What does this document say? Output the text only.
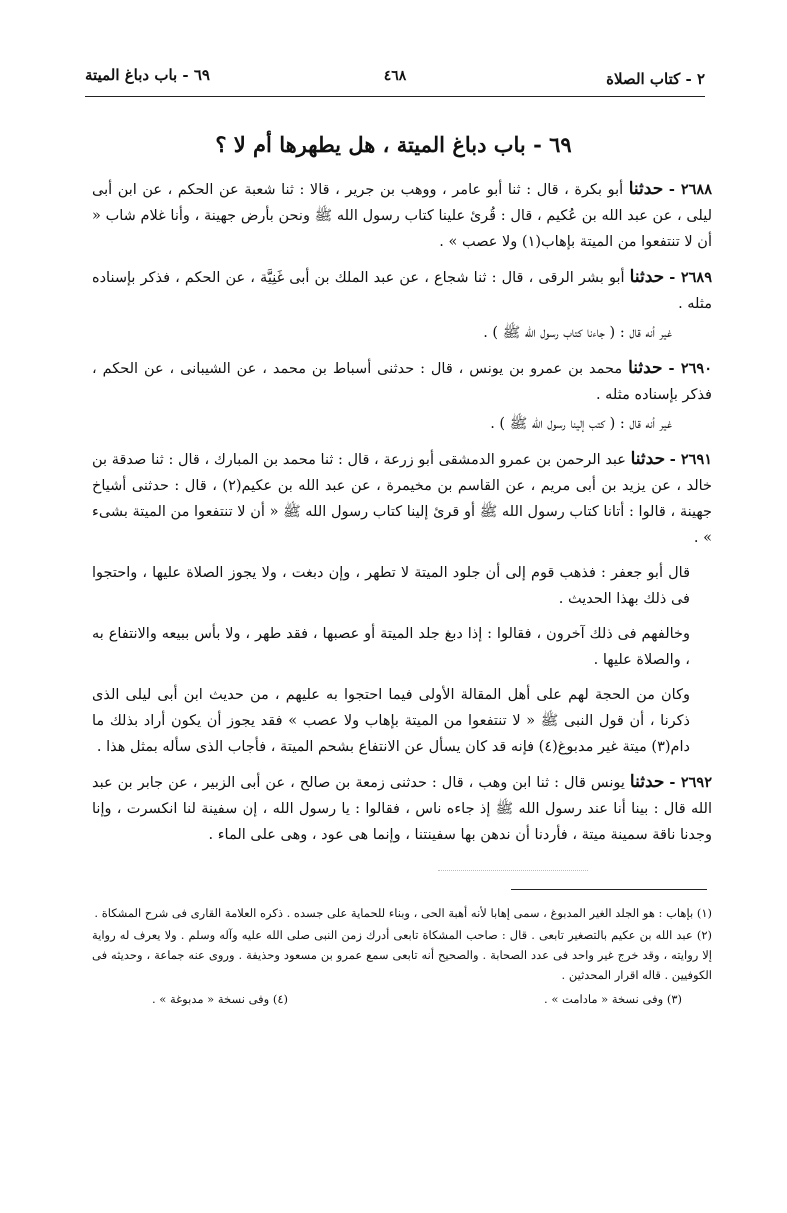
٢ - كتاب الصلاة
٤٦٨
٦٩ - باب دباغ الميتة
٦٩ - باب دباغ الميتة ، هل يطهرها أم لا ؟

٢٦٨٨ - حدثنا أبو بكرة ، قال : ثنا أبو عامر ، ووهب بن جرير ، قالا : ثنا شعبة عن الحكم ، عن ابن أبى ليلى ، عن عبد الله بن عُكيم ، قال : قُرئ علينا كتاب رسول الله ﷺ ونحن بأرض جهينة ، وأنا غلام شاب « أن لا تنتفعوا من الميتة بإهاب(١) ولا عصب » .

٢٦٨٩ - حدثنا أبو بشر الرقى ، قال : ثنا شجاع ، عن عبد الملك بن أبى غَنِيَّة ، عن الحكم ، فذكر بإسناده مثله .

غير أنه قال : ( جاءنا كتاب رسول الله ﷺ ) .

٢٦٩٠ - حدثنا محمد بن عمرو بن يونس ، قال : حدثنى أسباط بن محمد ، عن الشيبانى ، عن الحكم ، فذكر بإسناده مثله .

غير أنه قال : ( كتب إلينا رسول الله ﷺ ) .

٢٦٩١ - حدثنا عبد الرحمن بن عمرو الدمشقى أبو زرعة ، قال : ثنا محمد بن المبارك ، قال : ثنا صدقة بن خالد ، عن يزيد بن أبى مريم ، عن القاسم بن مخيمرة ، عن عبد الله بن عكيم(٢) ، قال : حدثنى أشياخ جهينة ، قالوا : أتانا كتاب رسول الله ﷺ أو قرئ إلينا كتاب رسول الله ﷺ « أن لا تنتفعوا من الميتة بشىء » .

قال أبو جعفر : فذهب قوم إلى أن جلود الميتة لا تطهر ، وإن دبغت ، ولا يجوز الصلاة عليها ، واحتجوا فى ذلك بهذا الحديث .

وخالفهم فى ذلك آخرون ، فقالوا : إذا دبغ جلد الميتة أو عصبها ، فقد طهر ، ولا بأس ببيعه والانتفاع به ، والصلاة عليها .

وكان من الحجة لهم على أهل المقالة الأولى فيما احتجوا به عليهم ، من حديث ابن أبى ليلى الذى ذكرنا ، أن قول النبى ﷺ « لا تنتفعوا من الميتة بإهاب ولا عصب » فقد يجوز أن يكون أراد بذلك ما دام(٣) ميتة غير مدبوغ(٤) فإنه قد كان يسأل عن الانتفاع بشحم الميتة ، فأجاب الذى سأله بمثل هذا .

٢٦٩٢ - حدثنا يونس قال : ثنا ابن وهب ، قال : حدثنى زمعة بن صالح ، عن أبى الزبير ، عن جابر بن عبد الله قال : بينا أنا عند رسول الله ﷺ إذ جاءه ناس ، فقالوا : يا رسول الله ، إن سفينة لنا انكسرت ، وإنا وجدنا ناقة سمينة ميتة ، فأردنا أن ندهن بها سفينتنا ، وإنما هى عود ، وهى على الماء .

(١) بإهاب : هو الجلد الغير المدبوغ ، سمى إهابا لأنه أهبة الحى ، وبناء للحماية على جسده . ذكره العلامة القارى فى شرح المشكاة .

(٢) عبد الله بن عكيم بالتصغير تابعى . قال : صاحب المشكاة تابعى أدرك زمن النبى صلى الله عليه وآله وسلم . ولا يعرف له رواية إلا روايته ، وقد خرج غير واحد فى عدد الصحابة . والصحيح أنه تابعى سمع عمرو بن مسعود وحذيفة . وروى عنه جماعة ، وحديثه فى الكوفيين . قاله اقرار المحدثين .

(٣) وفى نسخة « مادامت » .
(٤) وفى نسخة « مدبوغة » .
